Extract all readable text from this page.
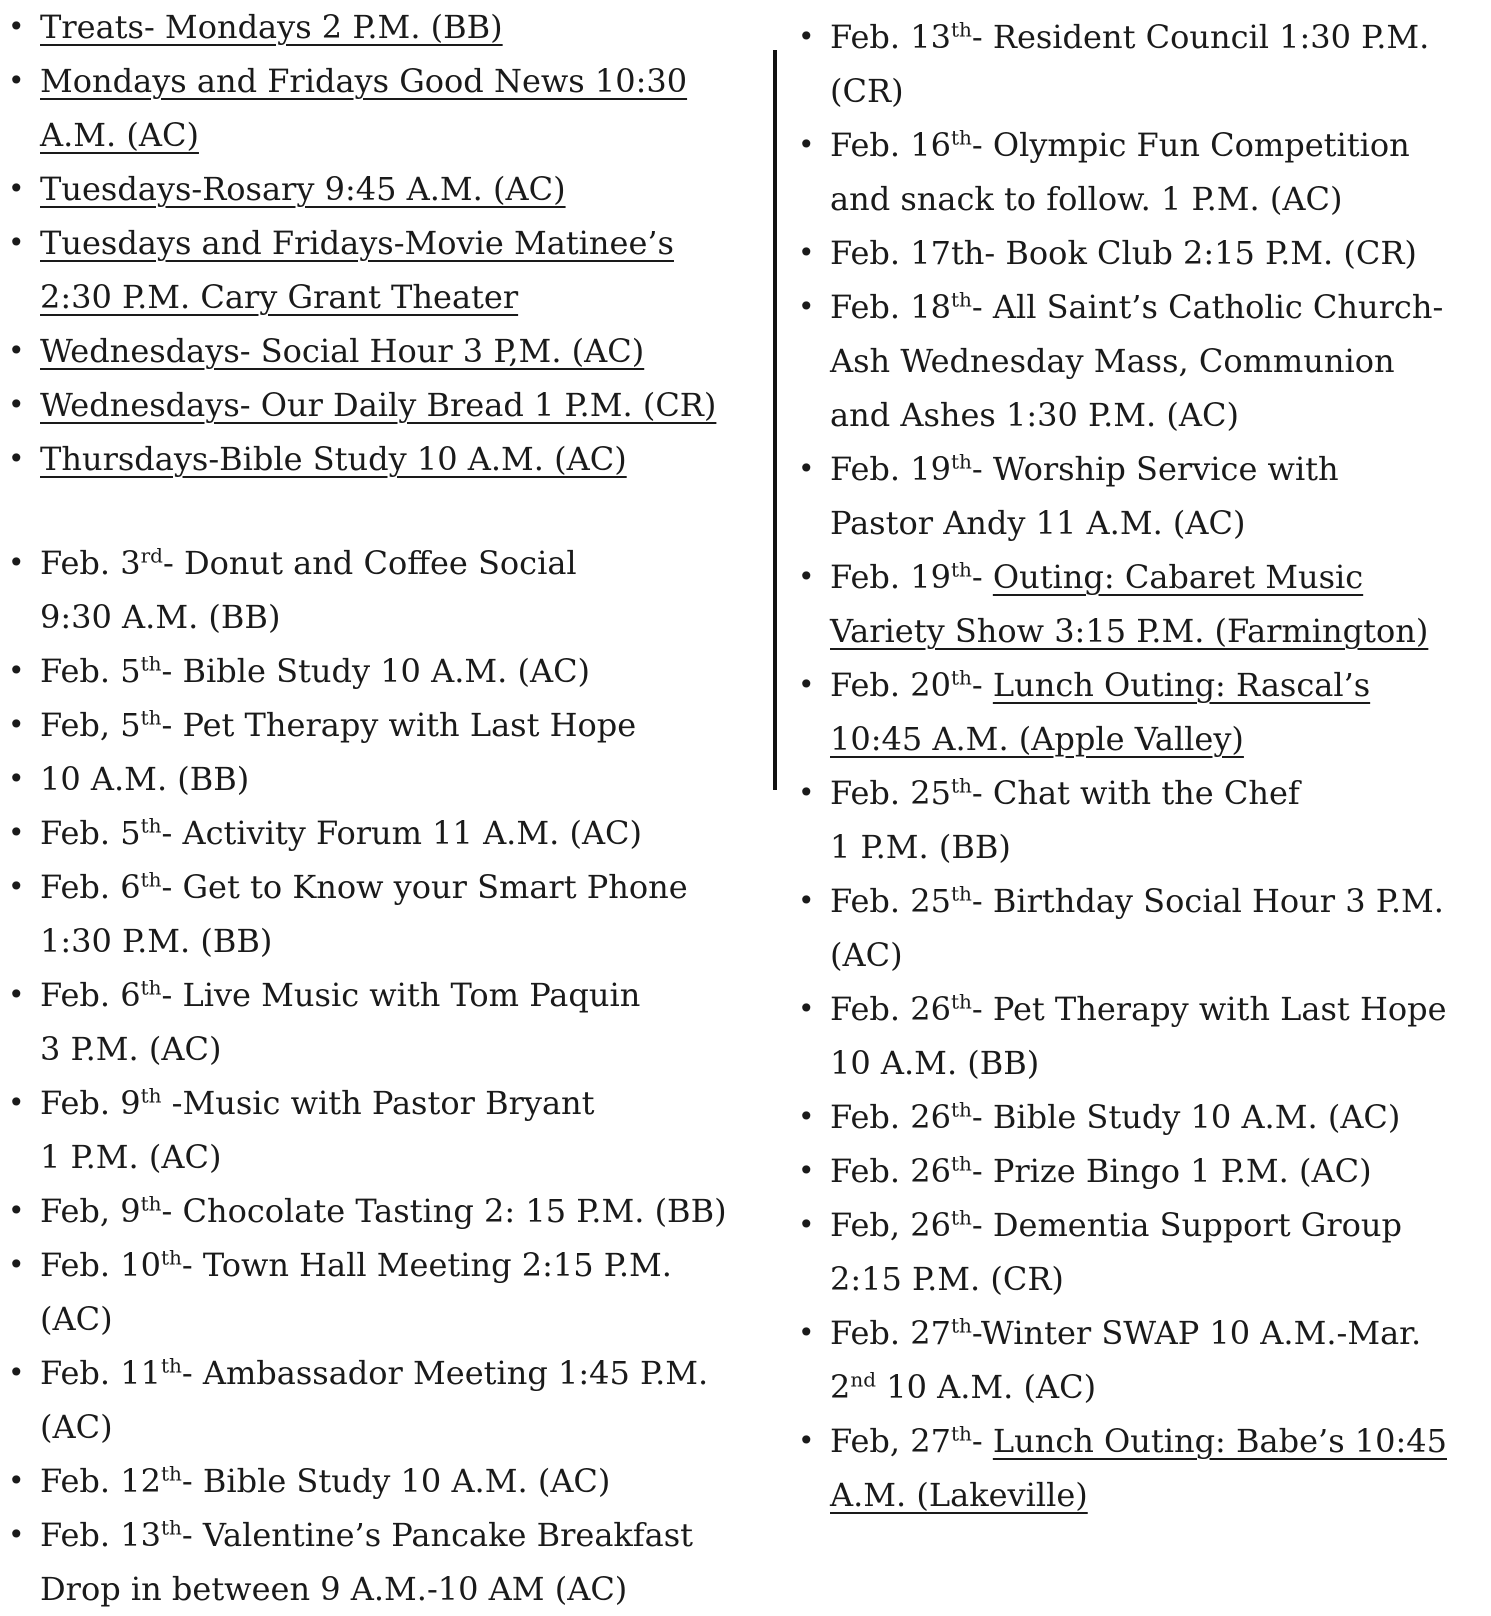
• Treats- Mondays 2 P.M. (BB)
• Mondays and Fridays Good News 10:30
A.M. (AC)
• Tuesdays-Rosary 9:45 A.M. (AC)
• Tuesdays and Fridays-Movie Matinee’s
2:30 P.M. Cary Grant Theater
• Wednesdays- Social Hour 3 P,M. (AC)
• Wednesdays- Our Daily Bread 1 P.M. (CR)
• Thursdays-Bible Study 10 A.M. (AC)
• Feb. 3rd- Donut and Coffee Social
9:30 A.M. (BB)
• Feb. 5th- Bible Study 10 A.M. (AC)
• Feb, 5th- Pet Therapy with Last Hope
• 10 A.M. (BB)
• Feb. 5th- Activity Forum 11 A.M. (AC)
• Feb. 6th- Get to Know your Smart Phone
1:30 P.M. (BB)
• Feb. 6th- Live Music with Tom Paquin
3 P.M. (AC)
• Feb. 9th -Music with Pastor Bryant
1 P.M. (AC)
• Feb, 9th- Chocolate Tasting 2: 15 P.M. (BB)
• Feb. 10th- Town Hall Meeting 2:15 P.M.
(AC)
• Feb. 11th- Ambassador Meeting 1:45 P.M.
(AC)
• Feb. 12th- Bible Study 10 A.M. (AC)
• Feb. 13th- Valentine’s Pancake Breakfast
Drop in between 9 A.M.-10 AM (AC)
• Feb. 13th- Resident Council 1:30 P.M.
(CR)
• Feb. 16th- Olympic Fun Competition
and snack to follow. 1 P.M. (AC)
• Feb. 17th- Book Club 2:15 P.M. (CR)
• Feb. 18th- All Saint’s Catholic Church-
Ash Wednesday Mass, Communion
and Ashes 1:30 P.M. (AC)
• Feb. 19th- Worship Service with
Pastor Andy 11 A.M. (AC)
• Feb. 19th- Outing: Cabaret Music
Variety Show 3:15 P.M. (Farmington)
• Feb. 20th- Lunch Outing: Rascal’s
10:45 A.M. (Apple Valley)
• Feb. 25th- Chat with the Chef
1 P.M. (BB)
• Feb. 25th- Birthday Social Hour 3 P.M.
(AC)
• Feb. 26th- Pet Therapy with Last Hope
10 A.M. (BB)
• Feb. 26th- Bible Study 10 A.M. (AC)
• Feb. 26th- Prize Bingo 1 P.M. (AC)
• Feb, 26th- Dementia Support Group
2:15 P.M. (CR)
• Feb. 27th-Winter SWAP 10 A.M.-Mar.
2nd 10 A.M. (AC)
• Feb, 27th- Lunch Outing: Babe’s 10:45
A.M. (Lakeville)
